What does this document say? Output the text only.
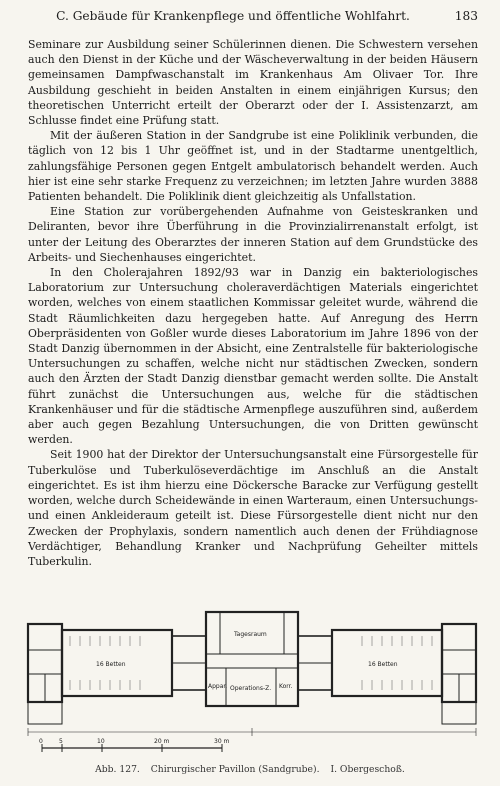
C. Gebäude für Krankenpflege und öffentliche Wohlfahrt.	183

Seminare zur Ausbildung seiner Schülerinnen dienen. Die Schwestern versehen auch den Dienst in der Küche und der Wäscheverwaltung in der beiden Häusern gemeinsamen Dampfwaschanstalt im Krankenhaus Am Olivaer Tor. Ihre Ausbildung geschieht in beiden Anstalten in einem einjährigen Kursus; den theoretischen Unterricht erteilt der Oberarzt oder der I. Assistenzarzt, am Schlusse findet eine Prüfung statt.

Mit der äußeren Station in der Sandgrube ist eine Poliklinik verbunden, die täglich von 12 bis 1 Uhr geöffnet ist, und in der Stadtarme unentgeltlich, zahlungsfähige Personen gegen Entgelt ambulatorisch behandelt werden. Auch hier ist eine sehr starke Frequenz zu verzeichnen; im letzten Jahre wurden 3888 Patienten behandelt. Die Poliklinik dient gleichzeitig als Unfallstation.

Eine Station zur vorübergehenden Aufnahme von Geisteskranken und Deliranten, bevor ihre Überführung in die Provinzialirrenanstalt erfolgt, ist unter der Leitung des Oberarztes der inneren Station auf dem Grundstücke des Arbeits- und Siechenhauses eingerichtet.

In den Cholerajahren 1892/93 war in Danzig ein bakteriologisches Laboratorium zur Untersuchung choleraverdächtigen Materials eingerichtet worden, welches von einem staatlichen Kommissar geleitet wurde, während die Stadt Räumlichkeiten dazu hergegeben hatte. Auf Anregung des Herrn Oberpräsidenten von Goßler wurde dieses Laboratorium im Jahre 1896 von der Stadt Danzig übernommen in der Absicht, eine Zentralstelle für bakteriologische Untersuchungen zu schaffen, welche nicht nur städtischen Zwecken, sondern auch den Ärzten der Stadt Danzig dienstbar gemacht werden sollte. Die Anstalt führt zunächst die Untersuchungen aus, welche für die städtischen Krankenhäuser und für die städtische Armenpflege auszuführen sind, außerdem aber auch gegen Bezahlung Untersuchungen, die von Dritten gewünscht werden.

Seit 1900 hat der Direktor der Untersuchungsanstalt eine Fürsorgestelle für Tuberkulöse und Tuberkulöseverdächtige im Anschluß an die Anstalt eingerichtet. Es ist ihm hierzu eine Döckersche Baracke zur Verfügung gestellt worden, welche durch Scheidewände in einen Warteraum, einen Untersuchungs- und einen Ankleideraum geteilt ist. Diese Fürsorgestelle dient nicht nur den Zwecken der Prophylaxis, sondern namentlich auch denen der Frühdiagnose Verdächtiger, Behandlung Kranker und Nachprüfung Geheilter mittels Tuberkulin.

16 Betten	16 Betten
Tagesraum
Operations-Z.
Appar.	Korr.
0	5	10	20 m	30 m
Abb. 127. Chirurgischer Pavillon (Sandgrube). I. Obergeschoß.
